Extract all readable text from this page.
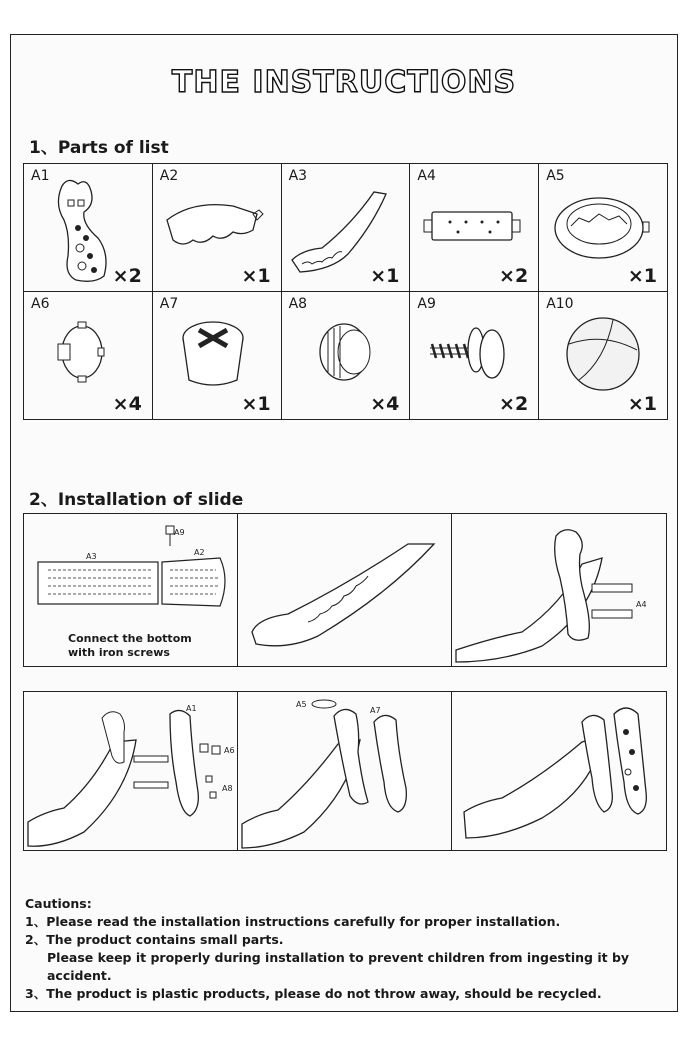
THE INSTRUCTIONS
1、Parts of list
A1
×2
A2
×1
A3
×1
A4
×2
A5
×1
A6
×4
A7
×1
A8
×4
A9
×2
A10
×1
2、Installation of slide
A9
A3	A2
Connect the bottom
with iron screws
A4
A1
A6
A8
A5
A7
Cautions:
1、Please read the installation instructions carefully for proper installation.
2、The product contains small parts.
Please keep it properly during installation to prevent children from ingesting it by accident.
3、The product is plastic products, please do not throw away, should be recycled.
